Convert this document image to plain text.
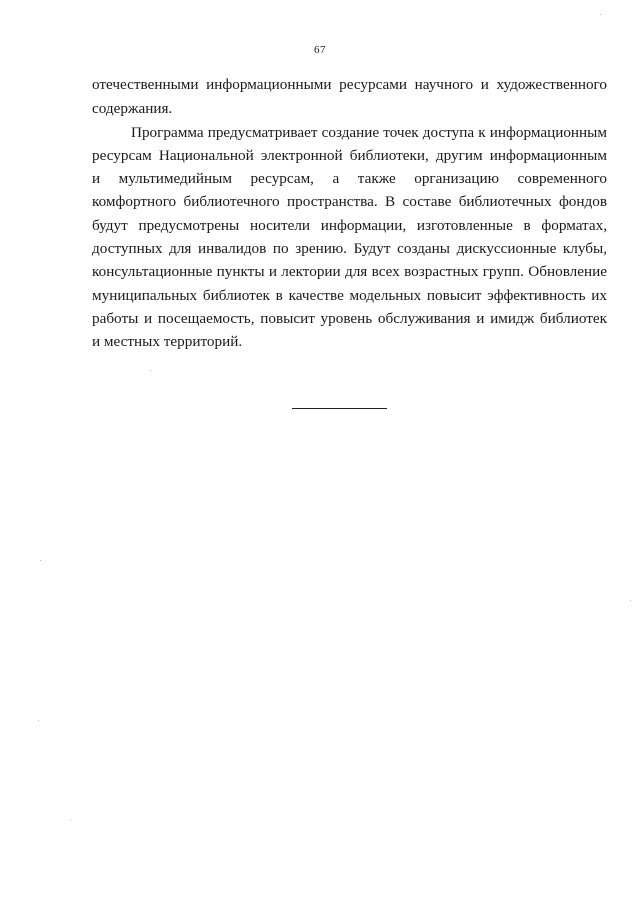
67
отечественными информационными ресурсами научного и художественного
содержания.
Программа предусматривает создание точек доступа к информационным
ресурсам Национальной электронной библиотеки, другим информационным
и мультимедийным ресурсам, а также организацию современного
комфортного библиотечного пространства. В составе библиотечных фондов
будут предусмотрены носители информации, изготовленные в форматах,
доступных для инвалидов по зрению. Будут созданы дискуссионные клубы,
консультационные пункты и лектории для всех возрастных групп. Обновление
муниципальных библиотек в качестве модельных повысит эффективность их
работы и посещаемость, повысит уровень обслуживания и имидж библиотек
и местных территорий.
